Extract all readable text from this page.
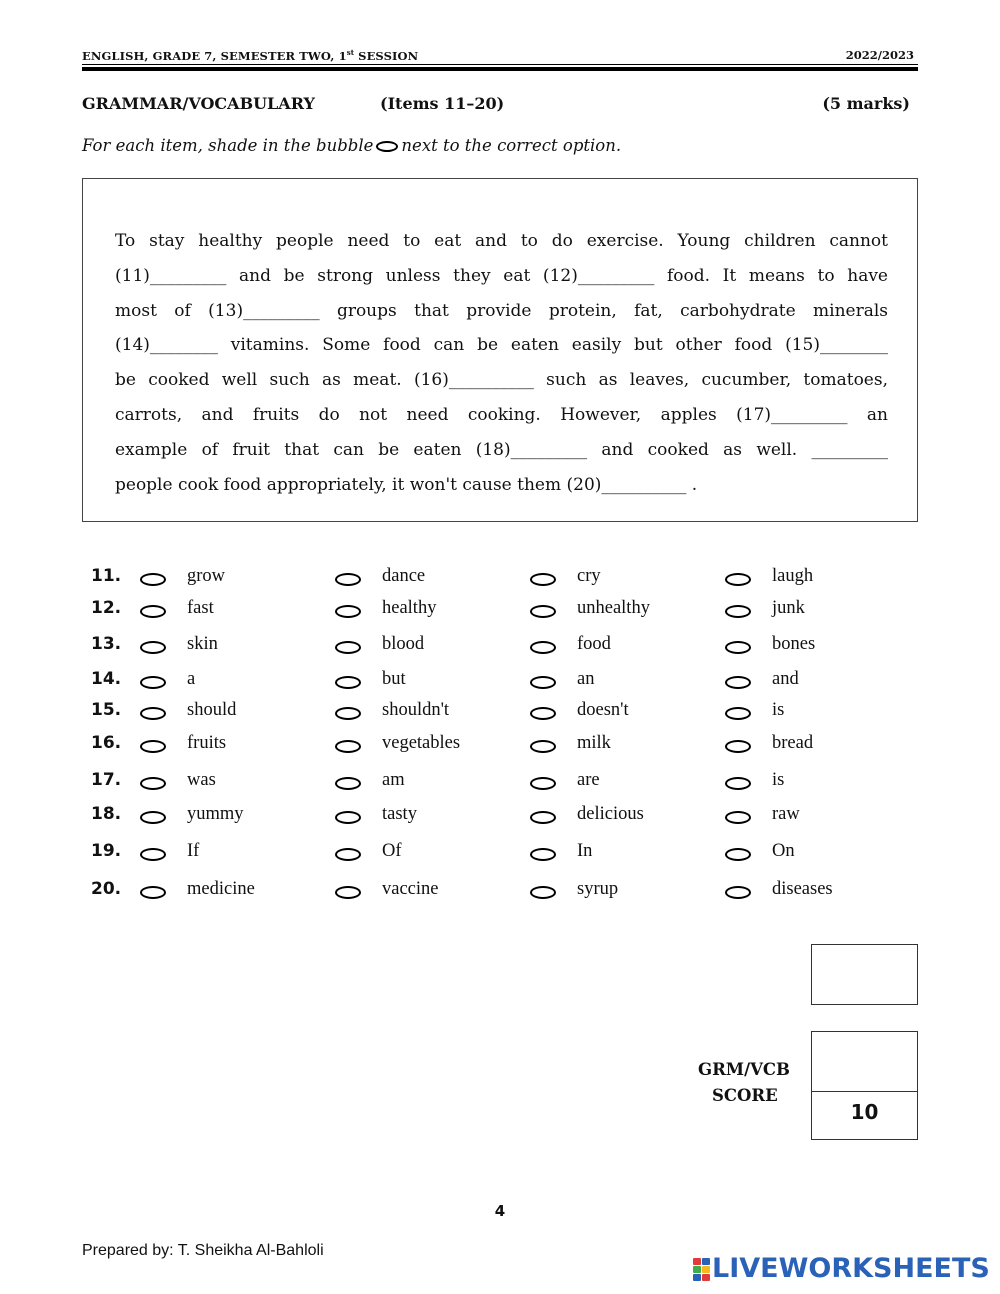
ENGLISH, GRADE 7, SEMESTER TWO, 1st SESSION	2022/2023
GRAMMAR/VOCABULARY	(Items 11–20)	(5 marks)
For each item, shade in the bubble next to the correct option.
To stay healthy people need to eat and to do exercise. Young children cannot
(11)_________ and be strong unless they eat (12)_________ food. It means to have
most of (13)_________ groups that provide protein, fat, carbohydrate minerals
(14)________ vitamins. Some food can be eaten easily but other food (15)________
be cooked well such as meat. (16)__________ such as leaves, cucumber, tomatoes,
carrots, and fruits do not need cooking. However, apples (17)_________ an
example of fruit that can be eaten (18)_________ and cooked as well. _________
people cook food appropriately, it won't cause them (20)__________ .
11.	grow	dance	cry	laugh
12.	fast	healthy	unhealthy	junk
13.	skin	blood	food	bones
14.	a	but	an	and
15.	should	shouldn't	doesn't	is
16.	fruits	vegetables	milk	bread
17.	was	am	are	is
18.	yummy	tasty	delicious	raw
19.	If	Of	In	On
20.	medicine	vaccine	syrup	diseases
GRM/VCB
SCORE
10
4
Prepared by: T. Sheikha Al-Bahloli
LIVEWORKSHEETS
